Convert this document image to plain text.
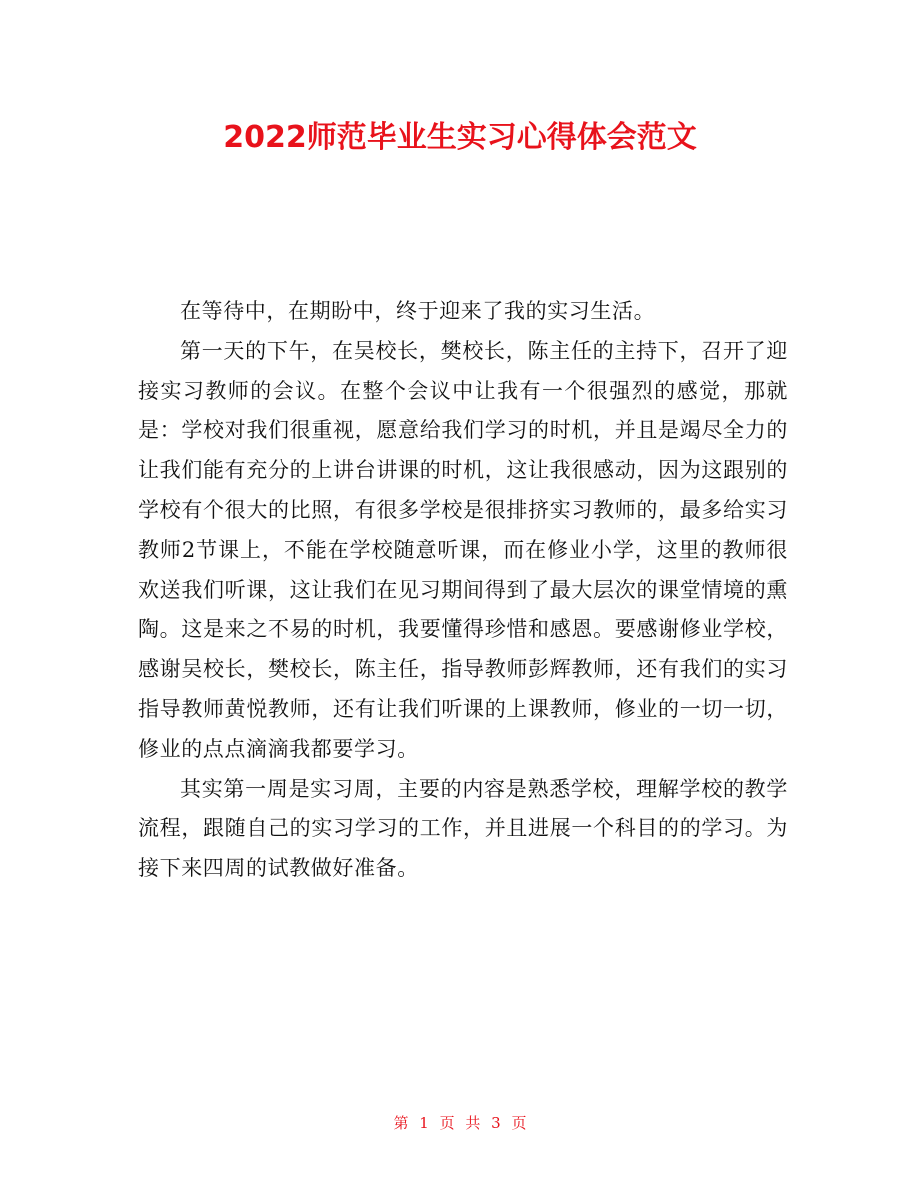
2022师范毕业生实习心得体会范文

在等待中，在期盼中，终于迎来了我的实习生活。

第一天的下午，在吴校长，樊校长，陈主任的主持下，召开了迎接实习教师的会议。在整个会议中让我有一个很强烈的感觉，那就是：学校对我们很重视，愿意给我们学习的时机，并且是竭尽全力的让我们能有充分的上讲台讲课的时机，这让我很感动，因为这跟别的学校有个很大的比照，有很多学校是很排挤实习教师的，最多给实习教师2节课上，不能在学校随意听课，而在修业小学，这里的教师很欢送我们听课，这让我们在见习期间得到了最大层次的课堂情境的熏陶。这是来之不易的时机，我要懂得珍惜和感恩。要感谢修业学校，感谢吴校长，樊校长，陈主任，指导教师彭辉教师，还有我们的实习指导教师黄悦教师，还有让我们听课的上课教师，修业的一切一切，修业的点点滴滴我都要学习。

其实第一周是实习周，主要的内容是熟悉学校，理解学校的教学流程，跟随自己的实习学习的工作，并且进展一个科目的的学习。为接下来四周的试教做好准备。

第 1 页 共 3 页
